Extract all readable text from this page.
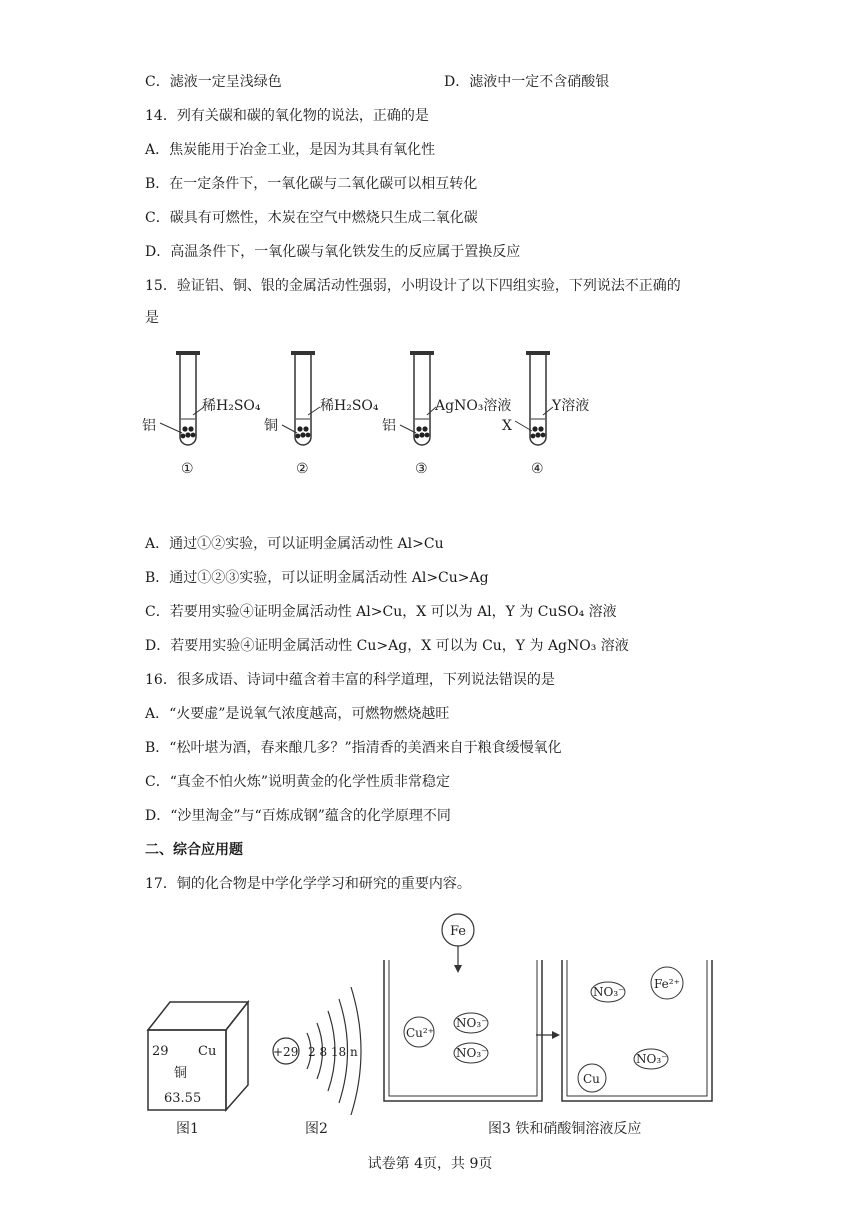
C．滤液一定呈浅绿色	D．滤液中一定不含硝酸银
14．列有关碳和碳的氧化物的说法，正确的是
A．焦炭能用于冶金工业，是因为其具有氧化性
B．在一定条件下，一氧化碳与二氧化碳可以相互转化
C．碳具有可燃性，木炭在空气中燃烧只生成二氧化碳
D．高温条件下，一氧化碳与氧化铁发生的反应属于置换反应
15．验证铝、铜、银的金属活动性强弱，小明设计了以下四组实验，下列说法不正确的
是
铝
稀H₂SO₄
①
铜
稀H₂SO₄
②
铝
AgNO₃溶液
③
X
Y溶液
④
A．通过①②实验，可以证明金属活动性 Al>Cu
B．通过①②③实验，可以证明金属活动性 Al>Cu>Ag
C．若要用实验④证明金属活动性 Al>Cu，X 可以为 Al，Y 为 CuSO₄ 溶液
D．若要用实验④证明金属活动性 Cu>Ag，X 可以为 Cu，Y 为 AgNO₃ 溶液
16．很多成语、诗词中蕴含着丰富的科学道理，下列说法错误的是
A．“火要虚”是说氧气浓度越高，可燃物燃烧越旺
B．“松叶堪为酒，春来酿几多？”指清香的美酒来自于粮食缓慢氧化
C．“真金不怕火炼”说明黄金的化学性质非常稳定
D．“沙里淘金”与“百炼成钢”蕴含的化学原理不同
二、综合应用题
17．铜的化合物是中学化学学习和研究的重要内容。
29 Cu
铜
63.55
图1
+29 2 8 18 n
图2
Fe
Cu²⁺
NO₃⁻
NO₃⁻
NO₃⁻
Fe²⁺
NO₃⁻
Cu
图3 铁和硝酸铜溶液反应
试卷第 4页，共 9页
